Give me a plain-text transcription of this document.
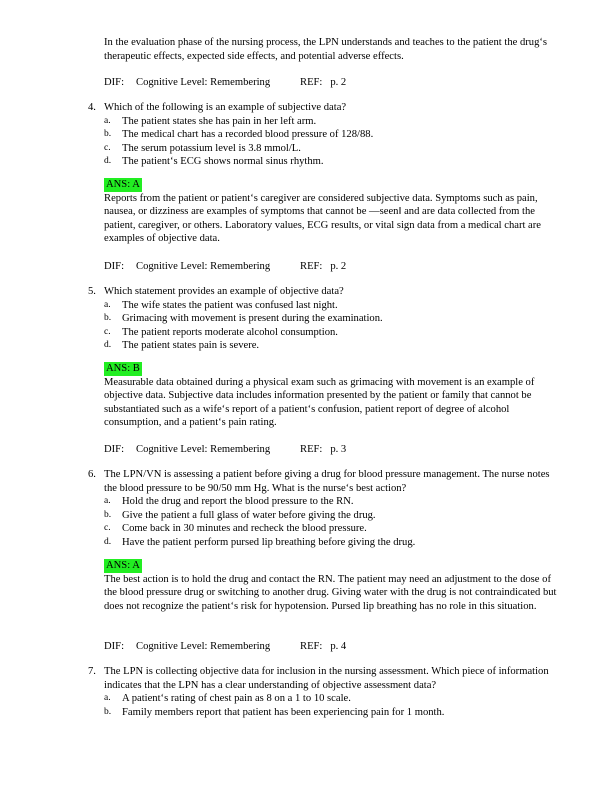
In the evaluation phase of the nursing process, the LPN understands and teaches to the patient the drug‘s therapeutic effects, expected side effects, and potential adverse effects.
DIF: Cognitive Level: Remembering	REF:   p. 2
4. Which of the following is an example of subjective data?
a. The patient states she has pain in her left arm.
b. The medical chart has a recorded blood pressure of 128/88.
c. The serum potassium level is 3.8 mmol/L.
d. The patient‘s ECG shows normal sinus rhythm.
ANS: A
Reports from the patient or patient‘s caregiver are considered subjective data. Symptoms such as pain, nausea, or dizziness are examples of symptoms that cannot be ―seen‖ and are data collected from the patient, caregiver, or others. Laboratory values, ECG results, or vital sign data from a medical chart are examples of objective data.
DIF: Cognitive Level: Remembering	REF:   p. 2
5. Which statement provides an example of objective data?
a. The wife states the patient was confused last night.
b. Grimacing with movement is present during the examination.
c. The patient reports moderate alcohol consumption.
d. The patient states pain is severe.
ANS: B
Measurable data obtained during a physical exam such as grimacing with movement is an example of objective data. Subjective data includes information presented by the patient or family that cannot be substantiated such as a wife‘s report of a patient‘s confusion, patient report of degree of alcohol consumption, and a patient‘s pain rating.
DIF: Cognitive Level: Remembering	REF:   p. 3
6. The LPN/VN is assessing a patient before giving a drug for blood pressure management. The nurse notes the blood pressure to be 90/50 mm Hg. What is the nurse‘s best action?
a. Hold the drug and report the blood pressure to the RN.
b. Give the patient a full glass of water before giving the drug.
c. Come back in 30 minutes and recheck the blood pressure.
d. Have the patient perform pursed lip breathing before giving the drug.
ANS: A
The best action is to hold the drug and contact the RN. The patient may need an adjustment to the dose of the blood pressure drug or switching to another drug. Giving water with the drug is not contraindicated but does not recognize the patient‘s risk for hypotension. Pursed lip breathing has no role in this situation.
DIF: Cognitive Level: Remembering	REF:   p. 4
7. The LPN is collecting objective data for inclusion in the nursing assessment. Which piece of information indicates that the LPN has a clear understanding of objective assessment data?
a. A patient‘s rating of chest pain as 8 on a 1 to 10 scale.
b. Family members report that patient has been experiencing pain for 1 month.
